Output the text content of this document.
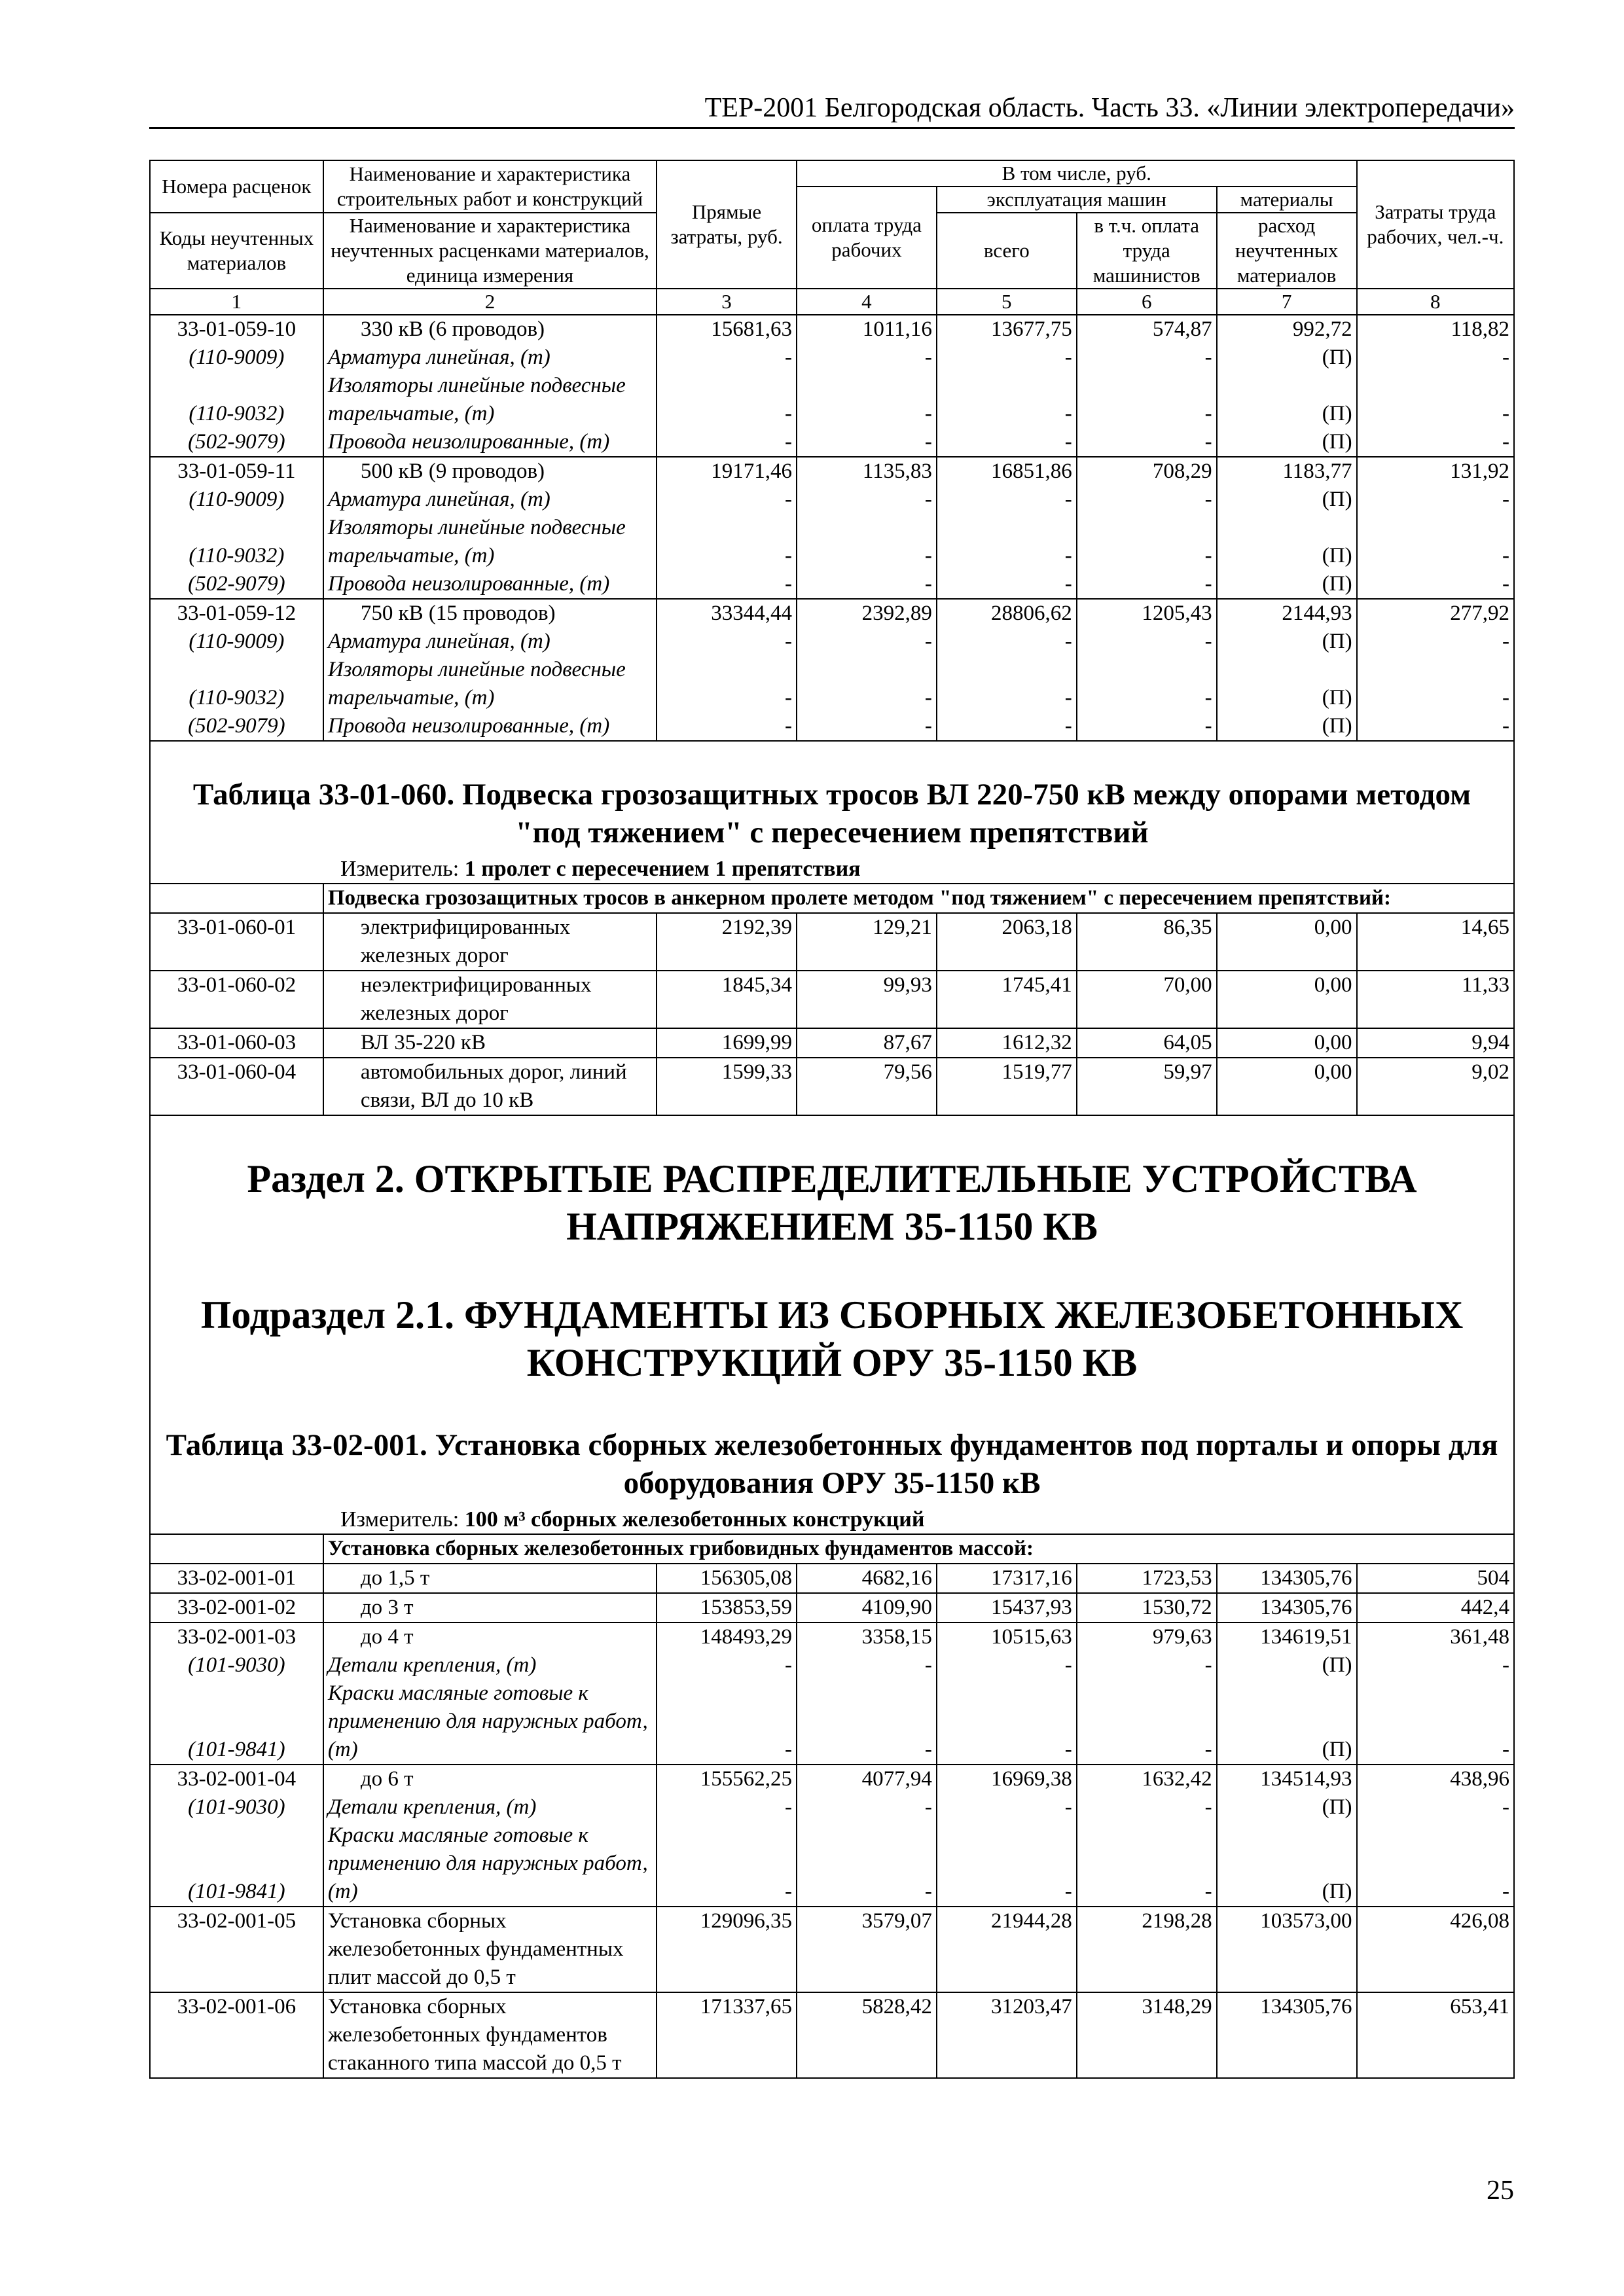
ТЕР-2001 Белгородская область. Часть 33. «Линии электропередачи»
Номера расценок	Наименование и характеристика строительных работ и конструкций	Прямые затраты, руб.	В том числе, руб.				Затраты труда рабочих, чел.-ч.
			оплата труда рабочих	эксплуатация машин		материалы	
Коды неучтенных материалов	Наименование и характеристика неучтенных расценками материалов, единица измерения			всего	в т.ч. оплата труда машинистов	расход неучтенных материалов	

1	2	3	4	5	6	7	8
33-01-059-10	330 кВ (6 проводов)	15681,63	1011,16	13677,75	574,87	992,72	118,82
(110-9009)	Арматура линейная, (т)	-	-	-	-	(П)	-
(110-9032)	Изоляторы линейные подвесные тарельчатые, (т)	-	-	-	-	(П)	-
(502-9079)	Провода неизолированные, (т)	-	-	-	-	(П)	-
33-01-059-11	500 кВ (9 проводов)	19171,46	1135,83	16851,86	708,29	1183,77	131,92
(110-9009)	Арматура линейная, (т)	-	-	-	-	(П)	-
(110-9032)	Изоляторы линейные подвесные тарельчатые, (т)	-	-	-	-	(П)	-
(502-9079)	Провода неизолированные, (т)	-	-	-	-	(П)	-
33-01-059-12	750 кВ (15 проводов)	33344,44	2392,89	28806,62	1205,43	2144,93	277,92
(110-9009)	Арматура линейная, (т)	-	-	-	-	(П)	-
(110-9032)	Изоляторы линейные подвесные тарельчатые, (т)	-	-	-	-	(П)	-
(502-9079)	Провода неизолированные, (т)	-	-	-	-	(П)	-
Таблица 33-01-060. Подвеска грозозащитных тросов ВЛ 220-750 кВ между опорами методом "под тяжением" с пересечением препятствий
Измеритель: 1 пролет с пересечением 1 препятствия
	Подвеска грозозащитных тросов в анкерном пролете методом "под тяжением" с пересечением препятствий:						
33-01-060-01	электрифицированных железных дорог	2192,39	129,21	2063,18	86,35	0,00	14,65
33-01-060-02	неэлектрифицированных железных дорог	1845,34	99,93	1745,41	70,00	0,00	11,33
33-01-060-03	ВЛ 35-220 кВ	1699,99	87,67	1612,32	64,05	0,00	9,94
33-01-060-04	автомобильных дорог, линий связи, ВЛ до 10 кВ	1599,33	79,56	1519,77	59,97	0,00	9,02
Раздел 2. ОТКРЫТЫЕ РАСПРЕДЕЛИТЕЛЬНЫЕ УСТРОЙСТВА НАПРЯЖЕНИЕМ 35-1150 КВ
Подраздел 2.1. ФУНДАМЕНТЫ ИЗ СБОРНЫХ ЖЕЛЕЗОБЕТОННЫХ КОНСТРУКЦИЙ ОРУ 35-1150 КВ
Таблица 33-02-001. Установка сборных железобетонных фундаментов под порталы и опоры для оборудования ОРУ 35-1150 кВ
Измеритель: 100 м³ сборных железобетонных конструкций
	Установка сборных железобетонных грибовидных фундаментов массой:						
33-02-001-01	до 1,5 т	156305,08	4682,16	17317,16	1723,53	134305,76	504
33-02-001-02	до 3 т	153853,59	4109,90	15437,93	1530,72	134305,76	442,4
33-02-001-03	до 4 т	148493,29	3358,15	10515,63	979,63	134619,51	361,48
(101-9030)	Детали крепления, (т)	-	-	-	-	(П)	-
(101-9841)	Краски масляные готовые к применению для наружных работ, (т)	-	-	-	-	(П)	-
33-02-001-04	до 6 т	155562,25	4077,94	16969,38	1632,42	134514,93	438,96
(101-9030)	Детали крепления, (т)	-	-	-	-	(П)	-
(101-9841)	Краски масляные готовые к применению для наружных работ, (т)	-	-	-	-	(П)	-
33-02-001-05	Установка сборных железобетонных фундаментных плит массой до 0,5 т	129096,35	3579,07	21944,28	2198,28	103573,00	426,08
33-02-001-06	Установка сборных железобетонных фундаментов стаканного типа массой до 0,5 т	171337,65	5828,42	31203,47	3148,29	134305,76	653,41
25
